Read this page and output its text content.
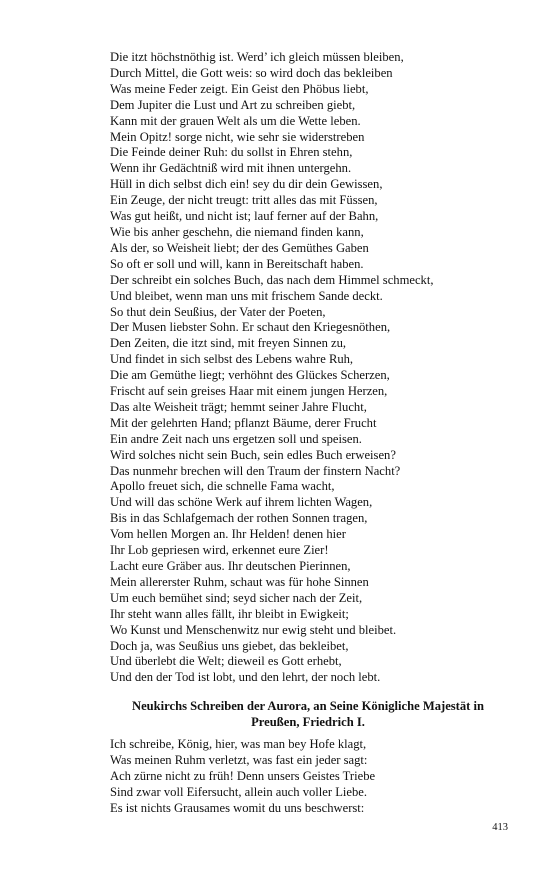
Die itzt höchstnöthig ist. Werd’ ich gleich müssen bleiben,
Durch Mittel, die Gott weis: so wird doch das bekleiben
Was meine Feder zeigt. Ein Geist den Phöbus liebt,
Dem Jupiter die Lust und Art zu schreiben giebt,
Kann mit der grauen Welt als um die Wette leben.
Mein Opitz! sorge nicht, wie sehr sie widerstreben
Die Feinde deiner Ruh: du sollst in Ehren stehn,
Wenn ihr Gedächtniß wird mit ihnen untergehn.
Hüll in dich selbst dich ein! sey du dir dein Gewissen,
Ein Zeuge, der nicht treugt: tritt alles das mit Füssen,
Was gut heißt, und nicht ist; lauf ferner auf der Bahn,
Wie bis anher geschehn, die niemand finden kann,
Als der, so Weisheit liebt; der des Gemüthes Gaben
So oft er soll und will, kann in Bereitschaft haben.
Der schreibt ein solches Buch, das nach dem Himmel schmeckt,
Und bleibet, wenn man uns mit frischem Sande deckt.
So thut dein Seußius, der Vater der Poeten,
Der Musen liebster Sohn. Er schaut den Kriegesnöthen,
Den Zeiten, die itzt sind, mit freyen Sinnen zu,
Und findet in sich selbst des Lebens wahre Ruh,
Die am Gemüthe liegt; verhöhnt des Glückes Scherzen,
Frischt auf sein greises Haar mit einem jungen Herzen,
Das alte Weisheit trägt; hemmt seiner Jahre Flucht,
Mit der gelehrten Hand; pflanzt Bäume, derer Frucht
Ein andre Zeit nach uns ergetzen soll und speisen.
Wird solches nicht sein Buch, sein edles Buch erweisen?
Das nunmehr brechen will den Traum der finstern Nacht?
Apollo freuet sich, die schnelle Fama wacht,
Und will das schöne Werk auf ihrem lichten Wagen,
Bis in das Schlafgemach der rothen Sonnen tragen,
Vom hellen Morgen an. Ihr Helden! denen hier
Ihr Lob gepriesen wird, erkennet eure Zier!
Lacht eure Gräber aus. Ihr deutschen Pierinnen,
Mein allererster Ruhm, schaut was für hohe Sinnen
Um euch bemühet sind; seyd sicher nach der Zeit,
Ihr steht wann alles fällt, ihr bleibt in Ewigkeit;
Wo Kunst und Menschenwitz nur ewig steht und bleibet.
Doch ja, was Seußius uns giebet, das bekleibet,
Und überlebt die Welt; dieweil es Gott erhebt,
Und den der Tod ist lobt, und den lehrt, der noch lebt.
Neukirchs Schreiben der Aurora, an Seine Königliche Majestät in
Preußen, Friedrich I.
Ich schreibe, König, hier, was man bey Hofe klagt,
Was meinen Ruhm verletzt, was fast ein jeder sagt:
Ach zürne nicht zu früh! Denn unsers Geistes Triebe
Sind zwar voll Eifersucht, allein auch voller Liebe.
Es ist nichts Grausames womit du uns beschwerst:
413
